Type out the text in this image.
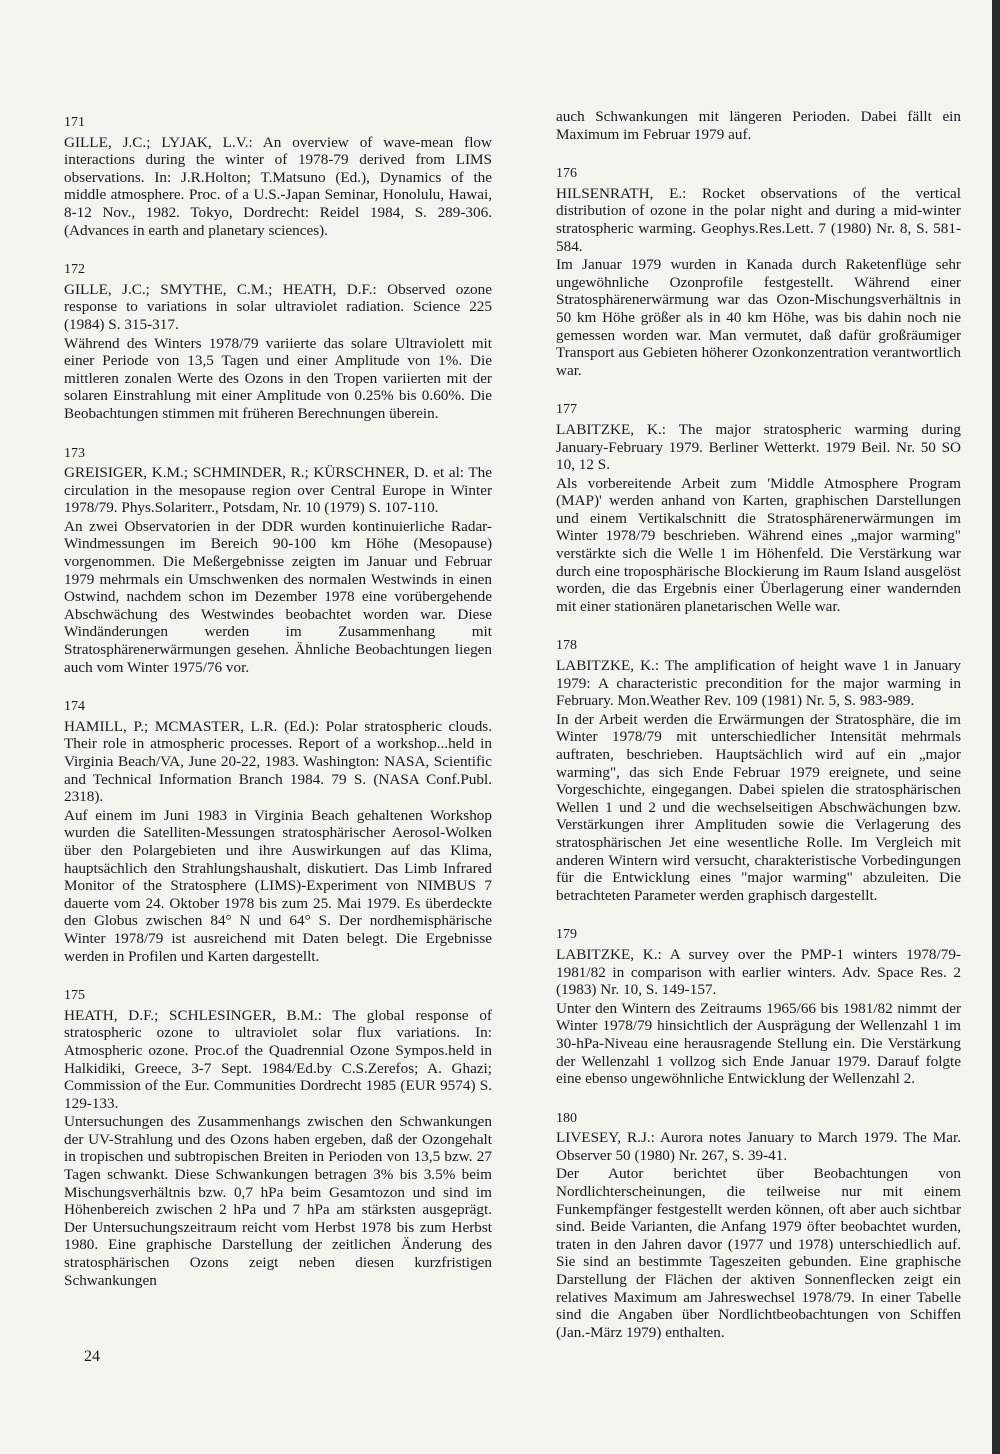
171
GILLE, J.C.; LYJAK, L.V.: An overview of wave-mean flow interactions during the winter of 1978-79 derived from LIMS observations. In: J.R.Holton; T.Matsuno (Ed.), Dynamics of the middle atmosphere. Proc. of a U.S.-Japan Seminar, Honolulu, Hawai, 8-12 Nov., 1982. Tokyo, Dordrecht: Reidel 1984, S. 289-306. (Advances in earth and planetary sciences).
172
GILLE, J.C.; SMYTHE, C.M.; HEATH, D.F.: Observed ozone response to variations in solar ultraviolet radiation. Science 225 (1984) S. 315-317.
Während des Winters 1978/79 variierte das solare Ultraviolett mit einer Periode von 13,5 Tagen und einer Amplitude von 1%. Die mittleren zonalen Werte des Ozons in den Tropen variierten mit der solaren Einstrahlung mit einer Amplitude von 0.25% bis 0.60%. Die Beobachtungen stimmen mit früheren Berechnungen überein.
173
GREISIGER, K.M.; SCHMINDER, R.; KÜRSCHNER, D. et al: The circulation in the mesopause region over Central Europe in Winter 1978/79. Phys.Solariterr., Potsdam, Nr. 10 (1979) S. 107-110.
An zwei Observatorien in der DDR wurden kontinuierliche Radar-Windmessungen im Bereich 90-100 km Höhe (Mesopause) vorgenommen. Die Meßergebnisse zeigten im Januar und Februar 1979 mehrmals ein Umschwenken des normalen Westwinds in einen Ostwind, nachdem schon im Dezember 1978 eine vorübergehende Abschwächung des Westwindes beobachtet worden war. Diese Windänderungen werden im Zusammenhang mit Stratosphärenerwärmungen gesehen. Ähnliche Beobachtungen liegen auch vom Winter 1975/76 vor.
174
HAMILL, P.; MCMASTER, L.R. (Ed.): Polar stratospheric clouds. Their role in atmospheric processes. Report of a workshop...held in Virginia Beach/VA, June 20-22, 1983. Washington: NASA, Scientific and Technical Information Branch 1984. 79 S. (NASA Conf.Publ. 2318).
Auf einem im Juni 1983 in Virginia Beach gehaltenen Workshop wurden die Satelliten-Messungen stratosphärischer Aerosol-Wolken über den Polargebieten und ihre Auswirkungen auf das Klima, hauptsächlich den Strahlungshaushalt, diskutiert. Das Limb Infrared Monitor of the Stratosphere (LIMS)-Experiment von NIMBUS 7 dauerte vom 24. Oktober 1978 bis zum 25. Mai 1979. Es überdeckte den Globus zwischen 84° N und 64° S. Der nordhemisphärische Winter 1978/79 ist ausreichend mit Daten belegt. Die Ergebnisse werden in Profilen und Karten dargestellt.
175
HEATH, D.F.; SCHLESINGER, B.M.: The global response of stratospheric ozone to ultraviolet solar flux variations. In: Atmospheric ozone. Proc.of the Quadrennial Ozone Sympos.held in Halkidiki, Greece, 3-7 Sept. 1984/Ed.by C.S.Zerefos; A. Ghazi; Commission of the Eur. Communities Dordrecht 1985 (EUR 9574) S. 129-133.
Untersuchungen des Zusammenhangs zwischen den Schwankungen der UV-Strahlung und des Ozons haben ergeben, daß der Ozongehalt in tropischen und subtropischen Breiten in Perioden von 13,5 bzw. 27 Tagen schwankt. Diese Schwankungen betragen 3% bis 3.5% beim Mischungsverhältnis bzw. 0,7 hPa beim Gesamtozon und sind im Höhenbereich zwischen 2 hPa und 7 hPa am stärksten ausgeprägt. Der Untersuchungszeitraum reicht vom Herbst 1978 bis zum Herbst 1980. Eine graphische Darstellung der zeitlichen Änderung des stratosphärischen Ozons zeigt neben diesen kurzfristigen Schwankungen
auch Schwankungen mit längeren Perioden. Dabei fällt ein Maximum im Februar 1979 auf.
176
HILSENRATH, E.: Rocket observations of the vertical distribution of ozone in the polar night and during a mid-winter stratospheric warming. Geophys.Res.Lett. 7 (1980) Nr. 8, S. 581-584.
Im Januar 1979 wurden in Kanada durch Raketenflüge sehr ungewöhnliche Ozonprofile festgestellt. Während einer Stratosphärenerwärmung war das Ozon-Mischungsverhältnis in 50 km Höhe größer als in 40 km Höhe, was bis dahin noch nie gemessen worden war. Man vermutet, daß dafür großräumiger Transport aus Gebieten höherer Ozonkonzentration verantwortlich war.
177
LABITZKE, K.: The major stratospheric warming during January-February 1979. Berliner Wetterkt. 1979 Beil. Nr. 50 SO 10, 12 S.
Als vorbereitende Arbeit zum 'Middle Atmosphere Program (MAP)' werden anhand von Karten, graphischen Darstellungen und einem Vertikalschnitt die Stratosphärenerwärmungen im Winter 1978/79 beschrieben. Während eines „major warming" verstärkte sich die Welle 1 im Höhenfeld. Die Verstärkung war durch eine troposphärische Blockierung im Raum Island ausgelöst worden, die das Ergebnis einer Überlagerung einer wandernden mit einer stationären planetarischen Welle war.
178
LABITZKE, K.: The amplification of height wave 1 in January 1979: A characteristic precondition for the major warming in February. Mon.Weather Rev. 109 (1981) Nr. 5, S. 983-989.
In der Arbeit werden die Erwärmungen der Stratosphäre, die im Winter 1978/79 mit unterschiedlicher Intensität mehrmals auftraten, beschrieben. Hauptsächlich wird auf ein „major warming", das sich Ende Februar 1979 ereignete, und seine Vorgeschichte, eingegangen. Dabei spielen die stratosphärischen Wellen 1 und 2 und die wechselseitigen Abschwächungen bzw. Verstärkungen ihrer Amplituden sowie die Verlagerung des stratosphärischen Jet eine wesentliche Rolle. Im Vergleich mit anderen Wintern wird versucht, charakteristische Vorbedingungen für die Entwicklung eines "major warming" abzuleiten. Die betrachteten Parameter werden graphisch dargestellt.
179
LABITZKE, K.: A survey over the PMP-1 winters 1978/79-1981/82 in comparison with earlier winters. Adv. Space Res. 2 (1983) Nr. 10, S. 149-157.
Unter den Wintern des Zeitraums 1965/66 bis 1981/82 nimmt der Winter 1978/79 hinsichtlich der Ausprägung der Wellenzahl 1 im 30-hPa-Niveau eine herausragende Stellung ein. Die Verstärkung der Wellenzahl 1 vollzog sich Ende Januar 1979. Darauf folgte eine ebenso ungewöhnliche Entwicklung der Wellenzahl 2.
180
LIVESEY, R.J.: Aurora notes January to March 1979. The Mar. Observer 50 (1980) Nr. 267, S. 39-41.
Der Autor berichtet über Beobachtungen von Nordlichterscheinungen, die teilweise nur mit einem Funkempfänger festgestellt werden können, oft aber auch sichtbar sind. Beide Varianten, die Anfang 1979 öfter beobachtet wurden, traten in den Jahren davor (1977 und 1978) unterschiedlich auf. Sie sind an bestimmte Tageszeiten gebunden. Eine graphische Darstellung der Flächen der aktiven Sonnenflecken zeigt ein relatives Maximum am Jahreswechsel 1978/79. In einer Tabelle sind die Angaben über Nordlichtbeobachtungen von Schiffen (Jan.-März 1979) enthalten.
24
